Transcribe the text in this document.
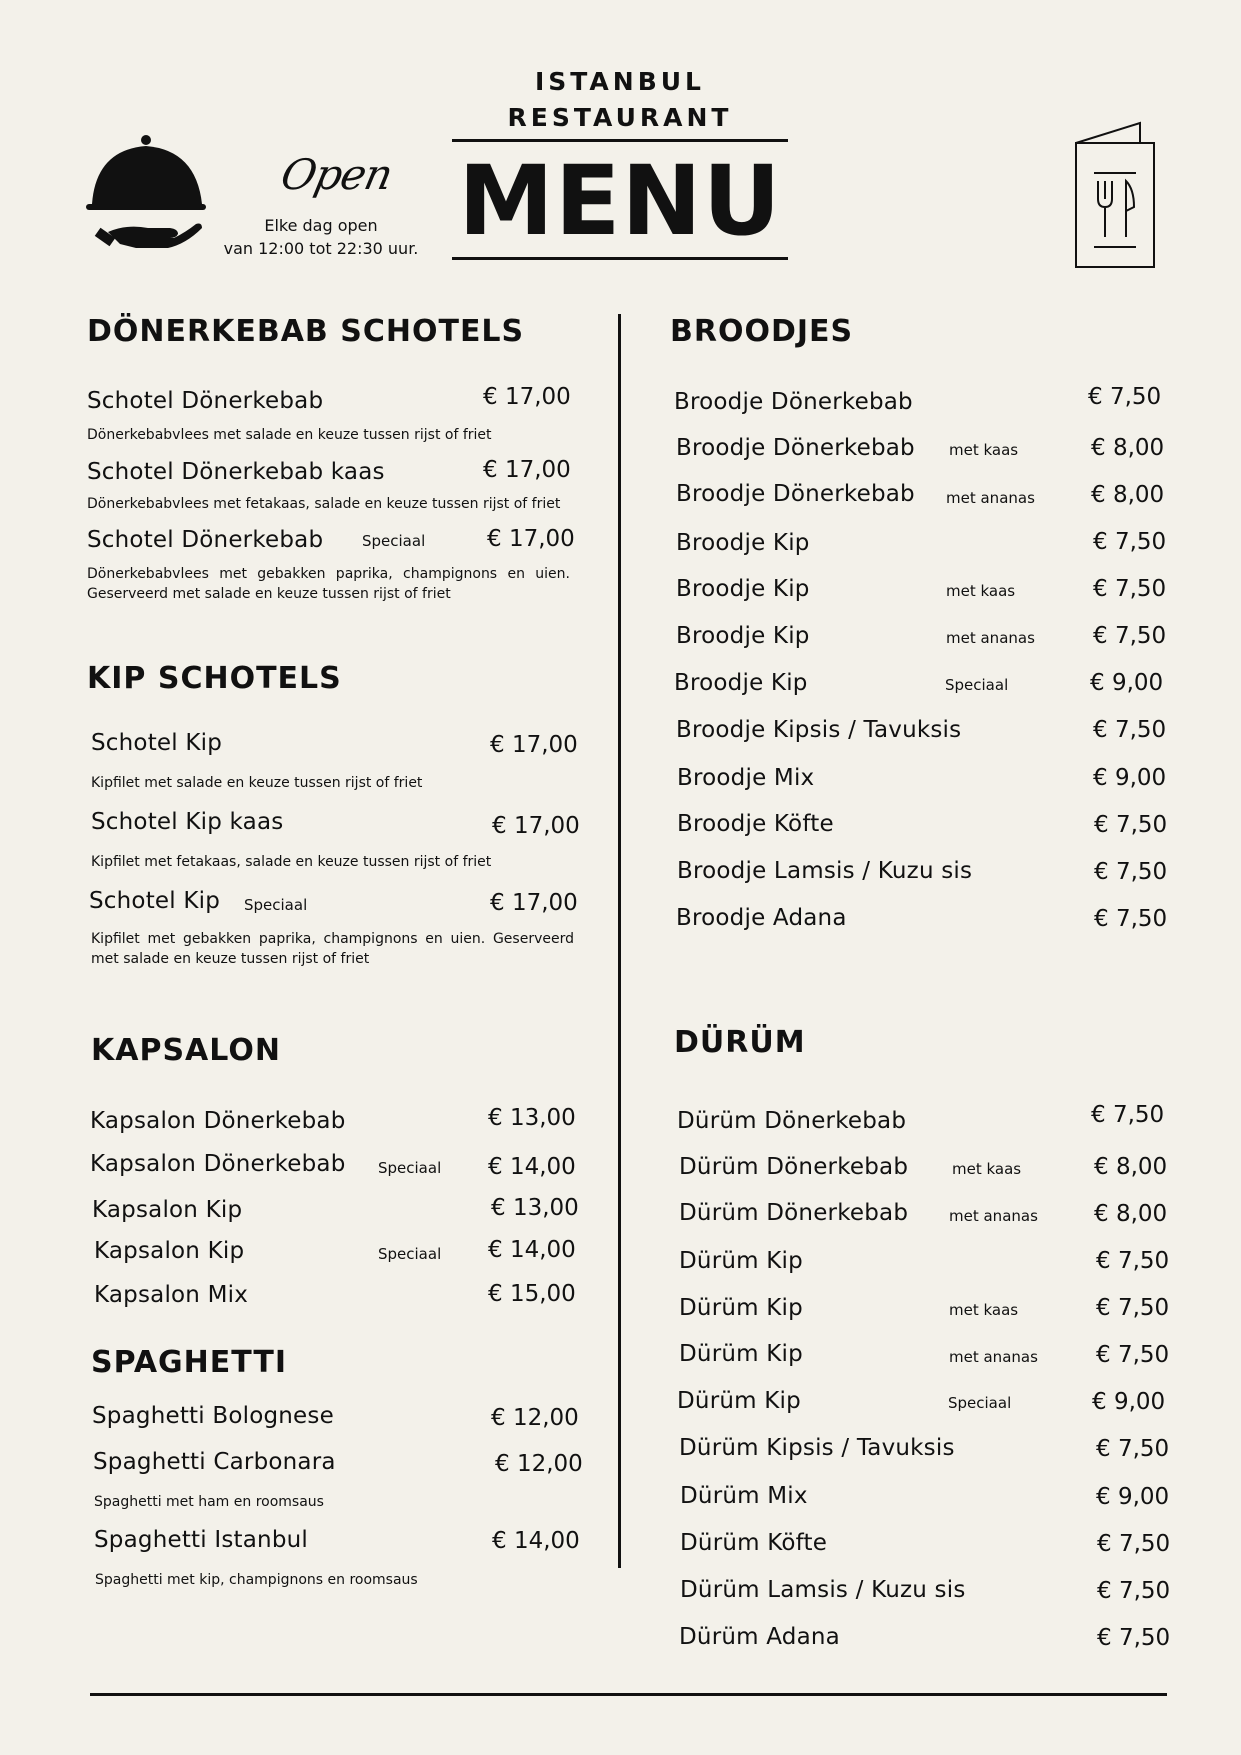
Open
Elke dag open
van 12:00 tot 22:30 uur.
ISTANBUL
RESTAURANT
MENU
DÖNERKEBAB SCHOTELS
Schotel Dönerkebab	€ 17,00
Dönerkebabvlees met salade en keuze tussen rijst of friet
Schotel Dönerkebab kaas	€ 17,00
Dönerkebabvlees met fetakaas, salade en keuze tussen rijst of friet
Schotel Dönerkebab	Speciaal	€ 17,00
Dönerkebabvlees met gebakken paprika, champignons en uien. Geserveerd met salade en keuze tussen rijst of friet
KIP SCHOTELS
Schotel Kip	€ 17,00
Kipfilet met salade en keuze tussen rijst of friet
Schotel Kip kaas	€ 17,00
Kipfilet met fetakaas, salade en keuze tussen rijst of friet
Schotel Kip Speciaal	€ 17,00
Kipfilet met gebakken paprika, champignons en uien. Geserveerd met salade en keuze tussen rijst of friet
KAPSALON
Kapsalon Dönerkebab	€ 13,00
Kapsalon Dönerkebab Speciaal € 14,00
Kapsalon Kip	€ 13,00
Kapsalon Kip	Speciaal € 14,00
Kapsalon Mix	€ 15,00
SPAGHETTI
Spaghetti Bolognese	€ 12,00
Spaghetti Carbonara	€ 12,00
Spaghetti met ham en roomsaus
Spaghetti Istanbul	€ 14,00
Spaghetti met kip, champignons en roomsaus
BROODJES
Broodje Dönerkebab	€ 7,50
Broodje Dönerkebab met kaas	€ 8,00
Broodje Dönerkebab met ananas € 8,00
Broodje Kip	€ 7,50
Broodje Kip	met kaas	€ 7,50
Broodje Kip	met ananas	€ 7,50
Broodje Kip	Speciaal	€ 9,00
Broodje Kipsis / Tavuksis	€ 7,50
Broodje Mix	€ 9,00
Broodje Köfte	€ 7,50
Broodje Lamsis / Kuzu sis	€ 7,50
Broodje Adana	€ 7,50
DÜRÜM
Dürüm Dönerkebab	€ 7,50
Dürüm Dönerkebab	met kaas	€ 8,00
Dürüm Dönerkebab	met ananas € 8,00
Dürüm Kip	€ 7,50
Dürüm Kip	met kaas	€ 7,50
Dürüm Kip	met ananas	€ 7,50
Dürüm Kip	Speciaal	€ 9,00
Dürüm Kipsis / Tavuksis	€ 7,50
Dürüm Mix	€ 9,00
Dürüm Köfte	€ 7,50
Dürüm Lamsis / Kuzu sis	€ 7,50
Dürüm Adana	€ 7,50
